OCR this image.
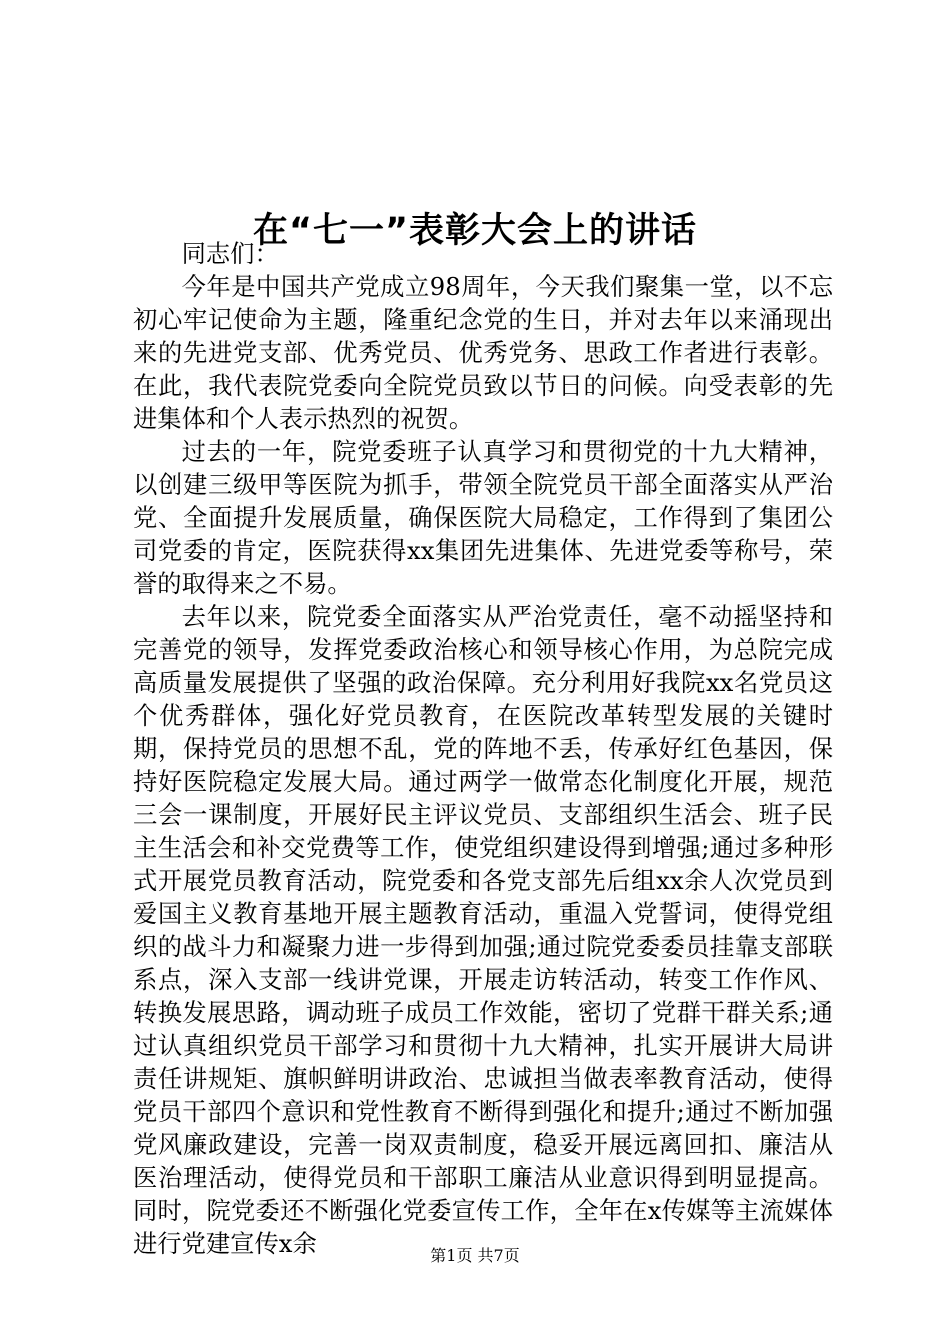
在“七一”表彰大会上的讲话

同志们：

今年是中国共产党成立98周年，今天我们聚集一堂，以不忘初心牢记使命为主题，隆重纪念党的生日，并对去年以来涌现出来的先进党支部、优秀党员、优秀党务、思政工作者进行表彰。在此，我代表院党委向全院党员致以节日的问候。向受表彰的先进集体和个人表示热烈的祝贺。

过去的一年，院党委班子认真学习和贯彻党的十九大精神，以创建三级甲等医院为抓手，带领全院党员干部全面落实从严治党、全面提升发展质量，确保医院大局稳定，工作得到了集团公司党委的肯定，医院获得xx集团先进集体、先进党委等称号，荣誉的取得来之不易。

去年以来，院党委全面落实从严治党责任，毫不动摇坚持和完善党的领导，发挥党委政治核心和领导核心作用，为总院完成高质量发展提供了坚强的政治保障。充分利用好我院xx名党员这个优秀群体，强化好党员教育，在医院改革转型发展的关键时期，保持党员的思想不乱，党的阵地不丢，传承好红色基因，保持好医院稳定发展大局。通过两学一做常态化制度化开展，规范三会一课制度，开展好民主评议党员、支部组织生活会、班子民主生活会和补交党费等工作，使党组织建设得到增强;通过多种形式开展党员教育活动，院党委和各党支部先后组xx余人次党员到爱国主义教育基地开展主题教育活动，重温入党誓词，使得党组织的战斗力和凝聚力进一步得到加强;通过院党委委员挂靠支部联系点，深入支部一线讲党课，开展走访转活动，转变工作作风、转换发展思路，调动班子成员工作效能，密切了党群干群关系;通过认真组织党员干部学习和贯彻十九大精神，扎实开展讲大局讲责任讲规矩、旗帜鲜明讲政治、忠诚担当做表率教育活动，使得党员干部四个意识和党性教育不断得到强化和提升;通过不断加强党风廉政建设，完善一岗双责制度，稳妥开展远离回扣、廉洁从医治理活动，使得党员和干部职工廉洁从业意识得到明显提高。同时，院党委还不断强化党委宣传工作，全年在x传媒等主流媒体进行党建宣传x余	第1页 共7页
